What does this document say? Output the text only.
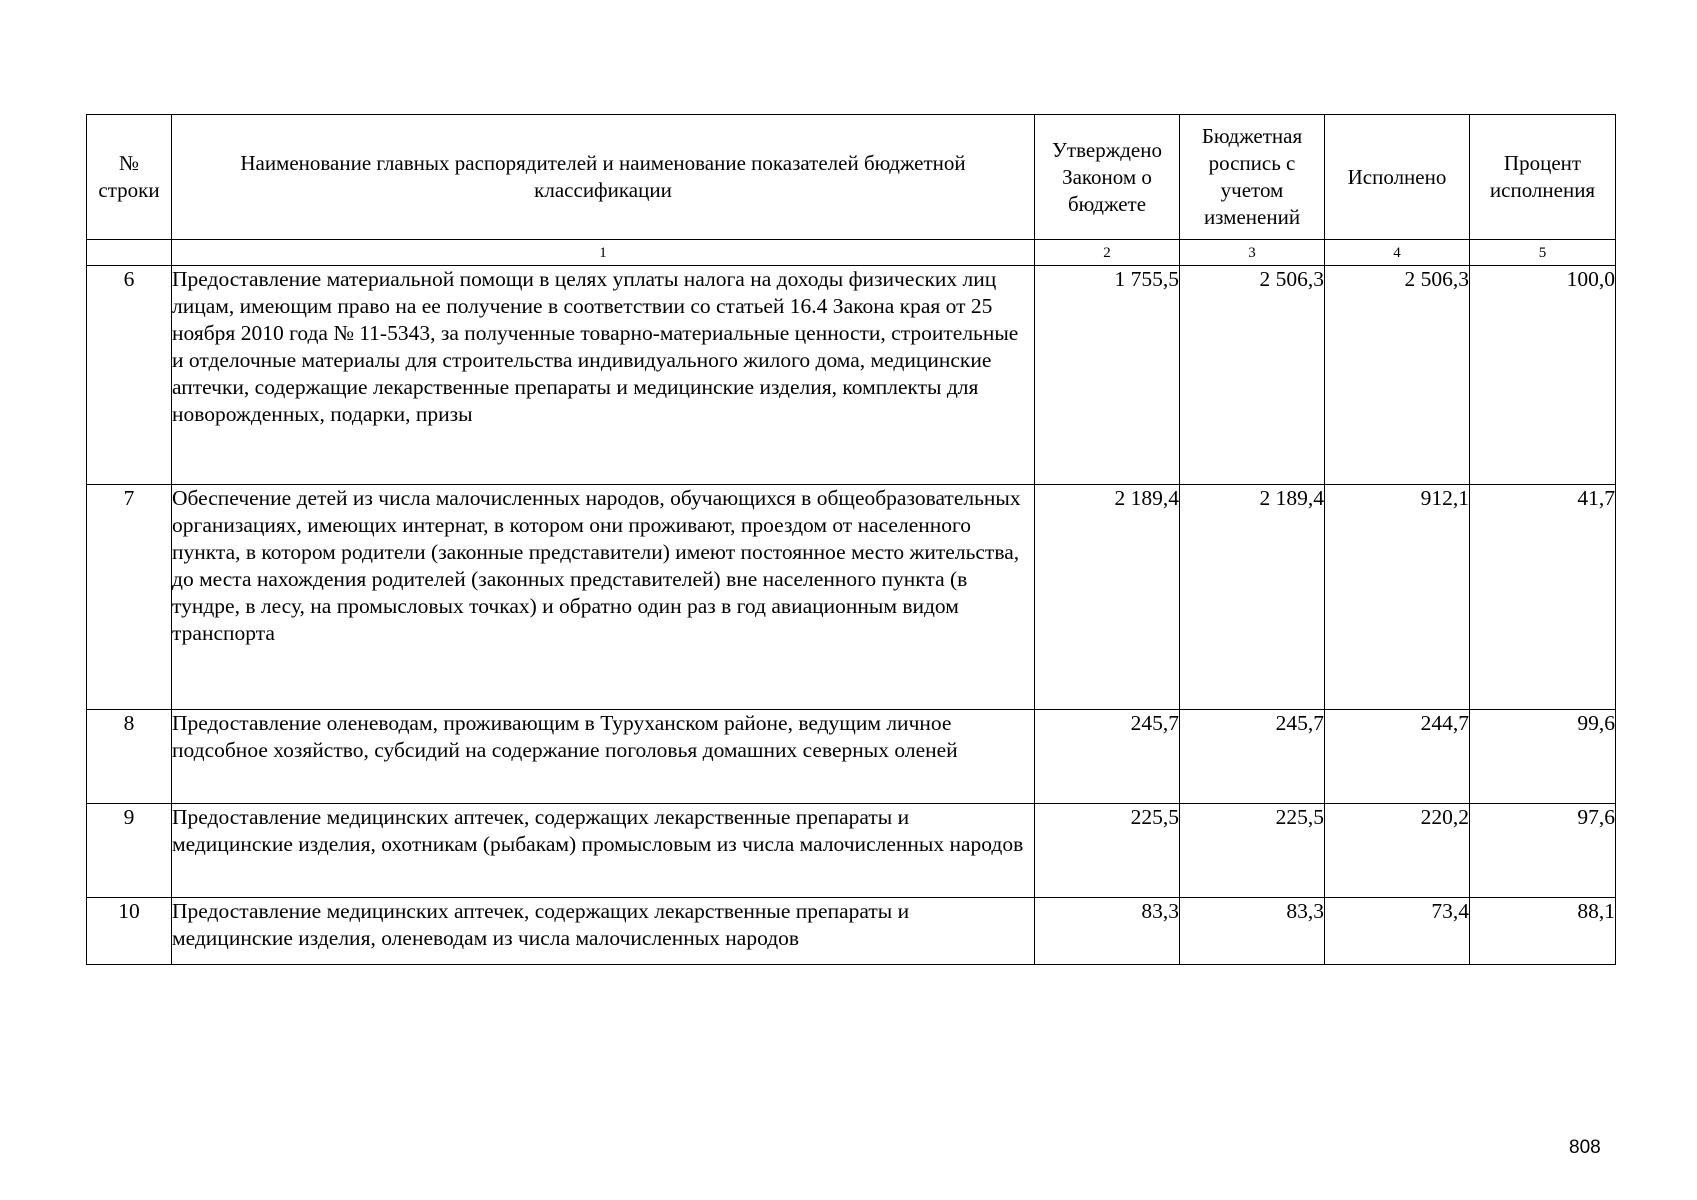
№ строки	Наименование главных распорядителей и наименование показателей бюджетной классификации	Утверждено Законом о бюджете	Бюджетная роспись с учетом изменений	Исполнено	Процент исполнения
	1	2	3	4	5
6	Предоставление материальной помощи в целях уплаты налога на доходы физических лиц лицам, имеющим право на ее получение в соответствии со статьей 16.4 Закона края от 25 ноября 2010 года № 11-5343, за полученные товарно-материальные ценности, строительные и отделочные материалы для строительства индивидуального жилого дома, медицинские аптечки, содержащие лекарственные препараты и медицинские изделия, комплекты для новорожденных, подарки, призы	1 755,5	2 506,3	2 506,3	100,0
7	Обеспечение детей из числа малочисленных народов, обучающихся в общеобразовательных организациях, имеющих интернат, в котором они проживают, проездом от населенного пункта, в котором родители (законные представители) имеют постоянное место жительства, до места нахождения родителей (законных представителей) вне населенного пункта (в тундре, в лесу, на промысловых точках) и обратно один раз в год авиационным видом транспорта	2 189,4	2 189,4	912,1	41,7
8	Предоставление оленеводам, проживающим в Туруханском районе, ведущим личное подсобное хозяйство, субсидий на содержание поголовья домашних северных оленей	245,7	245,7	244,7	99,6
9	Предоставление медицинских аптечек, содержащих лекарственные препараты и медицинские изделия, охотникам (рыбакам) промысловым из числа малочисленных народов	225,5	225,5	220,2	97,6
10	Предоставление медицинских аптечек, содержащих лекарственные препараты и медицинские изделия, оленеводам из числа малочисленных народов	83,3	83,3	73,4	88,1
808
